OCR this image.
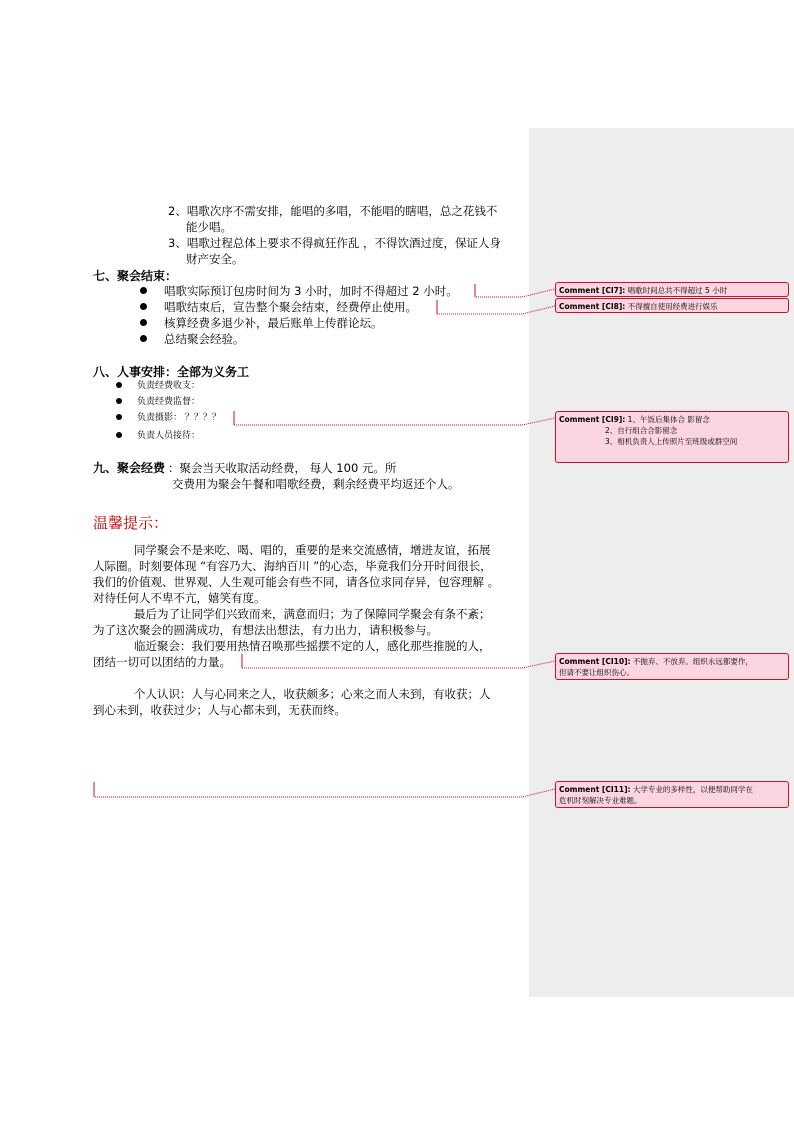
2、唱歌次序不需安排，能唱的多唱，不能唱的瞎唱，总之花钱不
能少唱。
3、唱歌过程总体上要求不得疯狂作乱 ，不得饮酒过度，保证人身
财产安全。
七、聚会结束：
唱歌实际预订包房时间为 3 小时，加时不得超过 2 小时。
唱歌结束后，宣告整个聚会结束，经费停止使用。
核算经费多退少补，最后账单上传群论坛。
总结聚会经验。
八、人事安排：全部为义务工
负责经费收支：
负责经费监督：
负责摄影： ？？？？
负责人员接待：
九、聚会经费 ：聚会当天收取活动经费， 每人 100 元。所
交费用为聚会午餐和唱歌经费，剩余经费平均返还个人。
温馨提示：
同学聚会不是来吃、喝、唱的，重要的是来交流感情，增进友谊，拓展
人际圈。时刻要体现 “有容乃大、海纳百川 ”的心态，毕竟我们分开时间很长，
我们的价值观、世界观、人生观可能会有些不同，请各位求同存异，包容理解 。
对待任何人不卑不亢，嬉笑有度。
最后为了让同学们兴致而来，满意而归；为了保障同学聚会有条不紊；
为了这次聚会的圆满成功，有想法出想法，有力出力，请积极参与。
临近聚会：我们要用热情召唤那些摇摆不定的人，感化那些推脱的人，
团结一切可以团结的力量。
个人认识：人与心同来之人，收获颇多；心来之而人未到，有收获；人
到心未到，收获过少；人与心都未到，无获而终。
Comment [CI7]: 唱歌时间总共不得超过 5 小时
Comment [CI8]: 不得擅自使用经费进行娱乐
Comment [CI9]: 1、午饭后集体合 影留念
2、自行组合合影留念
3、相机负责人上传照片至班级或群空间
Comment [CI10]: 不抛弃、不放弃。组织永远都要作，
但请不要让组织伤心。
Comment [CI11]: 大学专业的多样性，以便帮助同学在
危机时刻解决专业难题。
